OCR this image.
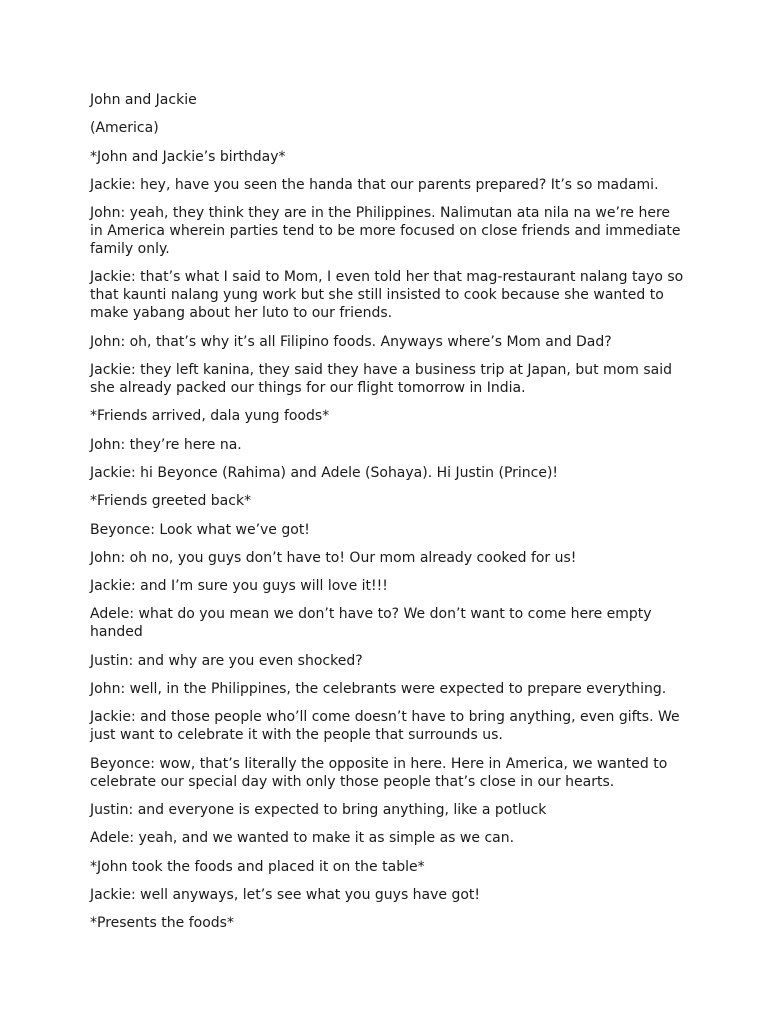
John and Jackie

(America)

*John and Jackie’s birthday*

Jackie: hey, have you seen the handa that our parents prepared? It’s so madami.

John: yeah, they think they are in the Philippines. Nalimutan ata nila na we’re here in America wherein parties tend to be more focused on close friends and immediate family only.

Jackie: that’s what I said to Mom, I even told her that mag-restaurant nalang tayo so that kaunti nalang yung work but she still insisted to cook because she wanted to make yabang about her luto to our friends.

John: oh, that’s why it’s all Filipino foods. Anyways where’s Mom and Dad?

Jackie: they left kanina, they said they have a business trip at Japan, but mom said she already packed our things for our flight tomorrow in India.

*Friends arrived, dala yung foods*

John: they’re here na.

Jackie: hi Beyonce (Rahima) and Adele (Sohaya). Hi Justin (Prince)!

*Friends greeted back*

Beyonce: Look what we’ve got!

John: oh no, you guys don’t have to! Our mom already cooked for us!

Jackie: and I’m sure you guys will love it!!!

Adele: what do you mean we don’t have to? We don’t want to come here empty handed

Justin: and why are you even shocked?

John: well, in the Philippines, the celebrants were expected to prepare everything.

Jackie: and those people who’ll come doesn’t have to bring anything, even gifts. We just want to celebrate it with the people that surrounds us.

Beyonce: wow, that’s literally the opposite in here. Here in America, we wanted to celebrate our special day with only those people that’s close in our hearts.

Justin: and everyone is expected to bring anything, like a potluck

Adele: yeah, and we wanted to make it as simple as we can.

*John took the foods and placed it on the table*

Jackie: well anyways, let’s see what you guys have got!

*Presents the foods*
